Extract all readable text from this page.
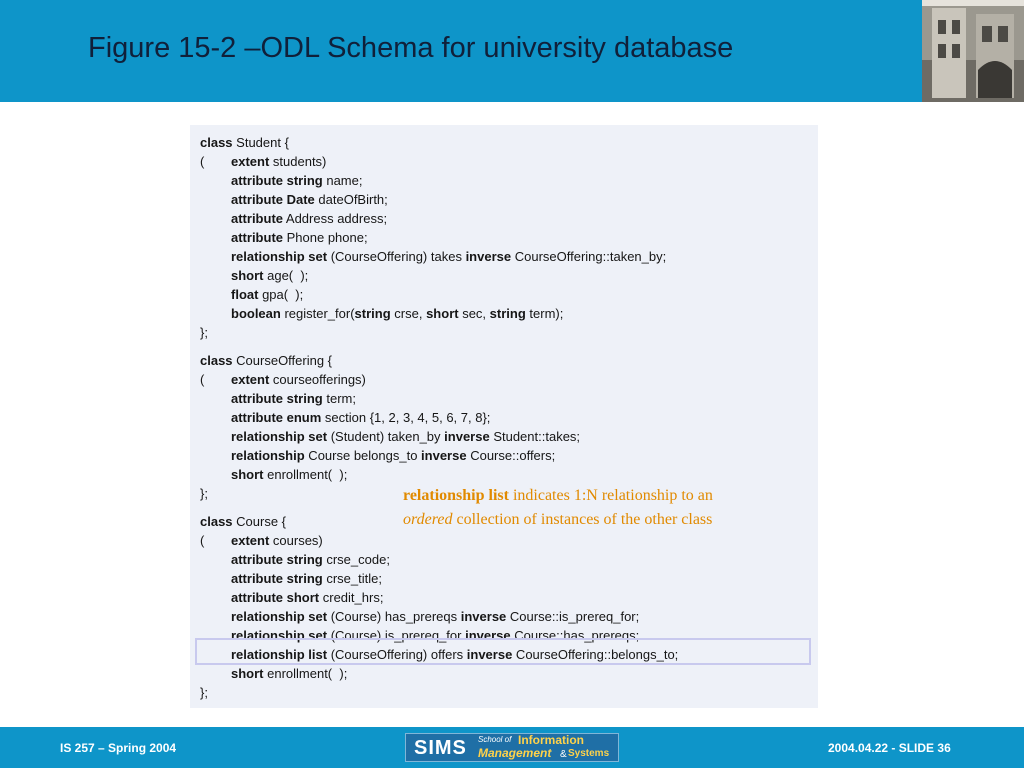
Figure 15-2 –ODL Schema for university database
class Student {
( extent students)
attribute string name;
attribute Date dateOfBirth;
attribute Address address;
attribute Phone phone;
relationship set (CourseOffering) takes inverse CourseOffering::taken_by;
short age(  );
float gpa(  );
boolean register_for(string crse, short sec, string term);
};
class CourseOffering {
( extent courseofferings)
attribute string term;
attribute enum section {1, 2, 3, 4, 5, 6, 7, 8};
relationship set (Student) taken_by inverse Student::takes;
relationship Course belongs_to inverse Course::offers;
short enrollment(  );
};
class Course {
( extent courses)
attribute string crse_code;
attribute string crse_title;
attribute short credit_hrs;
relationship set (Course) has_prereqs inverse Course::is_prereq_for;
relationship set (Course) is_prereq_for inverse Course::has_prereqs;
relationship list (CourseOffering) offers inverse CourseOffering::belongs_to;
short enrollment(  );
};
relationship list indicates 1:N relationship to an
ordered collection of instances of the other class
IS 257 – Spring 2004	SIMS School of Information
Management & Systems	2004.04.22 - SLIDE 36
